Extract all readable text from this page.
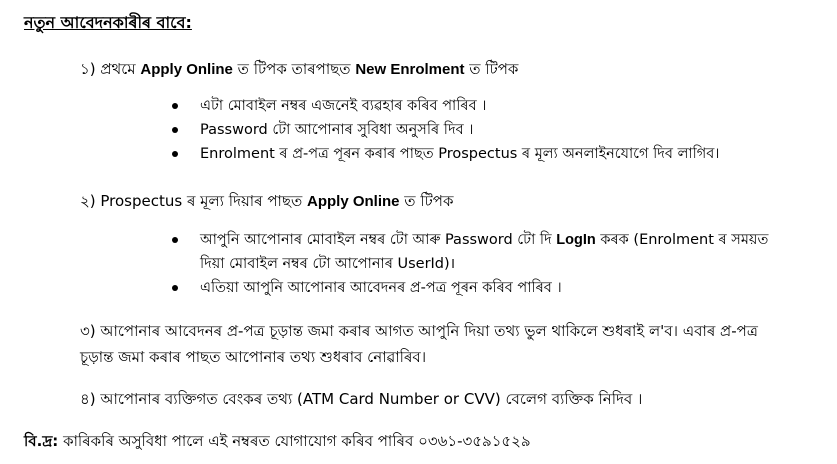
নতুন আবেদনকাৰীৰ বাবে:
১) প্ৰথমে Apply Online ত টিপক তাৰপাছত New Enrolment ত টিপক
এটা মোবাইল নম্বৰ এজনেই ব্যৱহাৰ কৰিব পাৰিব ।
Password টো আপোনাৰ সুবিধা অনুসৰি দিব ।
Enrolment ৰ প্ৰ-পত্ৰ পূৰন কৰাৰ পাছত Prospectus ৰ মূল্য অনলাইনযোগে দিব লাগিব।
২) Prospectus ৰ মূল্য দিয়াৰ পাছত Apply Online ত টিপক
আপুনি আপোনাৰ মোবাইল নম্বৰ টো আৰু Password টো দি LogIn কৰক (Enrolment ৰ সময়ত দিয়া মোবাইল নম্বৰ টো আপোনাৰ UserId)।
এতিয়া আপুনি আপোনাৰ আবেদনৰ প্ৰ-পত্ৰ পূৰন কৰিব পাৰিব ।
৩) আপোনাৰ আবেদনৰ প্ৰ-পত্ৰ চূড়ান্ত জমা কৰাৰ আগত আপুনি দিয়া তথ্য ভুল থাকিলে শুধৰাই ল'ব। এবাৰ প্ৰ-পত্ৰ চূড়ান্ত জমা কৰাৰ পাছত আপোনাৰ তথ্য শুধৰাব নোৱাৰিব।
৪) আপোনাৰ ব্যক্তিগত বেংকৰ তথ্য (ATM Card Number or CVV) বেলেগ ব্যক্তিক নিদিব ।
বি.দ্ৰ: কাৰিকৰি অসুবিধা পালে এই নম্বৰত যোগাযোগ কৰিব পাৰিব ০৩৬১-৩৫৯১৫২৯
